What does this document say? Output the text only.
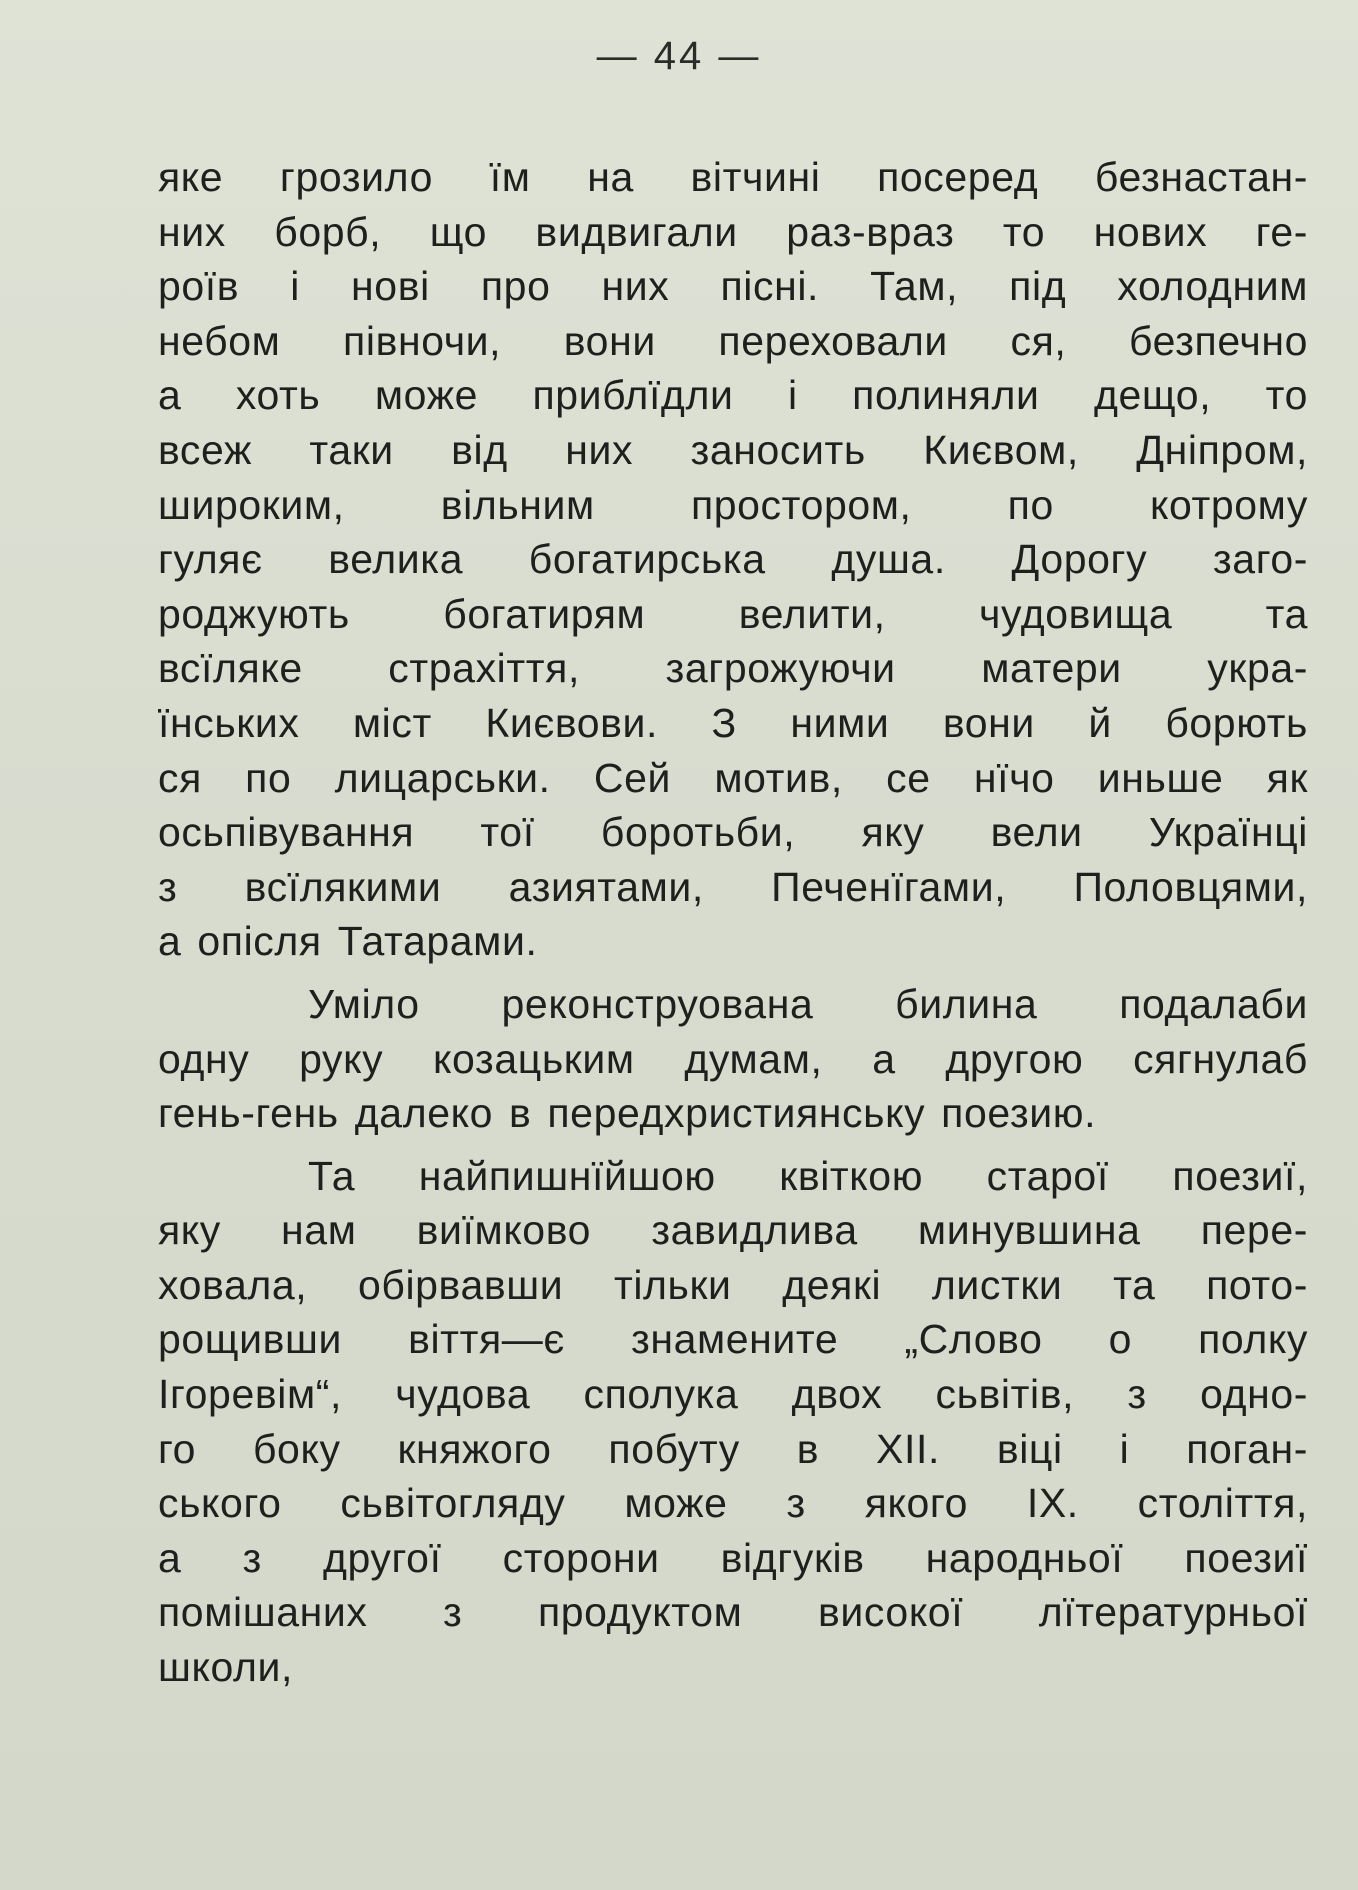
— 44 —
яке грозило їм на вітчині посеред безнастан-
них борб, що видвигали раз-враз то нових ге-
роїв і нові про них пісні. Там, під холодним
небом півночи, вони переховали ся, безпечно
а хоть може приблїдли і полиняли дещо, то
всеж таки від них заносить Києвом, Дніпром,
широким, вільним простором, по котрому
гуляє велика богатирська душа. Дорогу заго-
роджують богатирям велити, чудовища та
всїляке страхіття, загрожуючи матери укра-
їнських міст Києвови. З ними вони й борють
ся по лицарськи. Сей мотив, се нїчо иньше як
осьпівування тої боротьби, яку вели Українці
з всїлякими азиятами, Печенїгами, Половцями,
а опісля Татарами.
Уміло реконструована билина подалаби
одну руку козацьким думам, а другою сягнулаб
гень-гень далеко в передхристиянську поезию.
Та найпишнїйшою квіткою старої поезиї,
яку нам виїмково завидлива минувшина пере-
ховала, обірвавши тільки деякі листки та пото-
рощивши віття—є знамените „Слово о полку
Ігоревім“, чудова сполука двох сьвітів, з одно-
го боку княжого побуту в XII. віці і поган-
ського сьвітогляду може з якого IX. століття,
а з другої сторони відгуків народньої поезиї
помішаних з продуктом високої лїтературньої
школи,
